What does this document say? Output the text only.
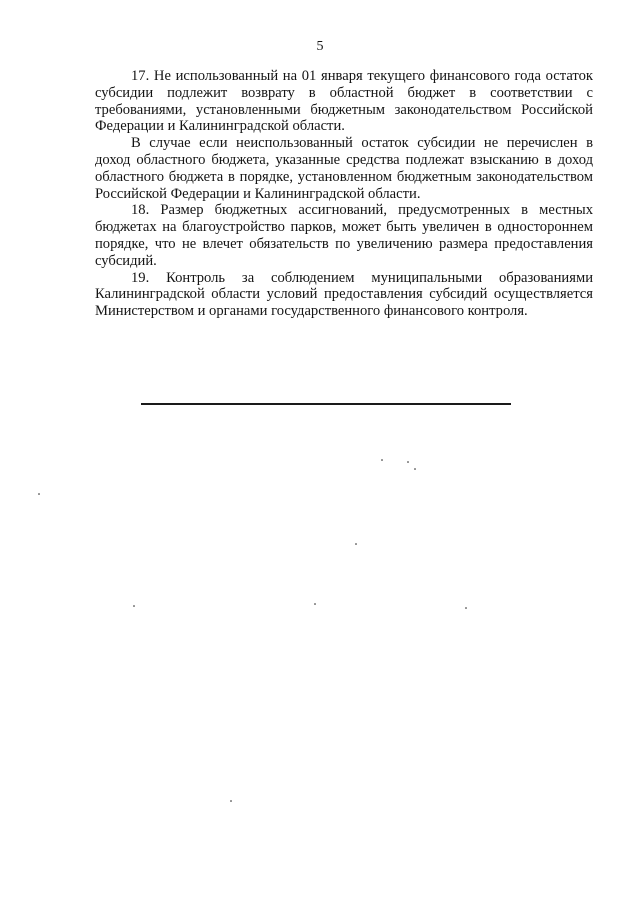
5

17. Не использованный на 01 января текущего финансового года остаток субсидии подлежит возврату в областной бюджет в соответствии с требованиями, установленными бюджетным законодательством Российской Федерации и Калининградской области.

В случае если неиспользованный остаток субсидии не перечислен в доход областного бюджета, указанные средства подлежат взысканию в доход областного бюджета в порядке, установленном бюджетным законодательством Российской Федерации и Калининградской области.

18. Размер бюджетных ассигнований, предусмотренных в местных бюджетах на благоустройство парков, может быть увеличен в одностороннем порядке, что не влечет обязательств по увеличению размера предоставления субсидий.

19. Контроль за соблюдением муниципальными образованиями Калининградской области условий предоставления субсидий осуществляется Министерством и органами государственного финансового контроля.
